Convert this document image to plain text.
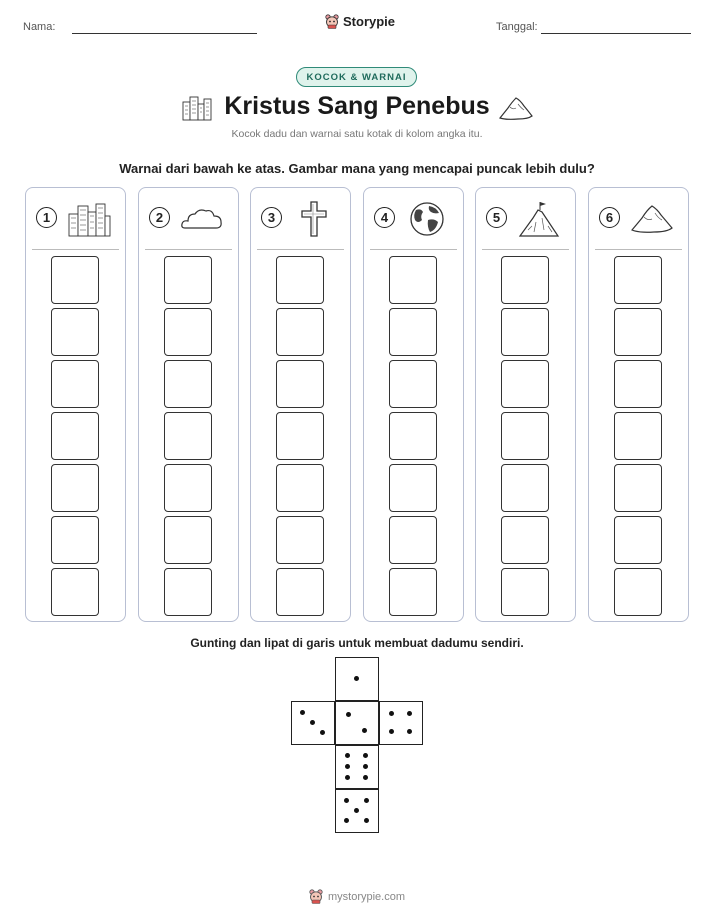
Nama:	Storypie	Tanggal:
KOCOK & WARNAI
Kristus Sang Penebus
Kocok dadu dan warnai satu kotak di kolom angka itu.
Warnai dari bawah ke atas. Gambar mana yang mencapai puncak lebih dulu?
1	2	3	4	5	6
Gunting dan lipat di garis untuk membuat dadumu sendiri.
mystorypie.com
